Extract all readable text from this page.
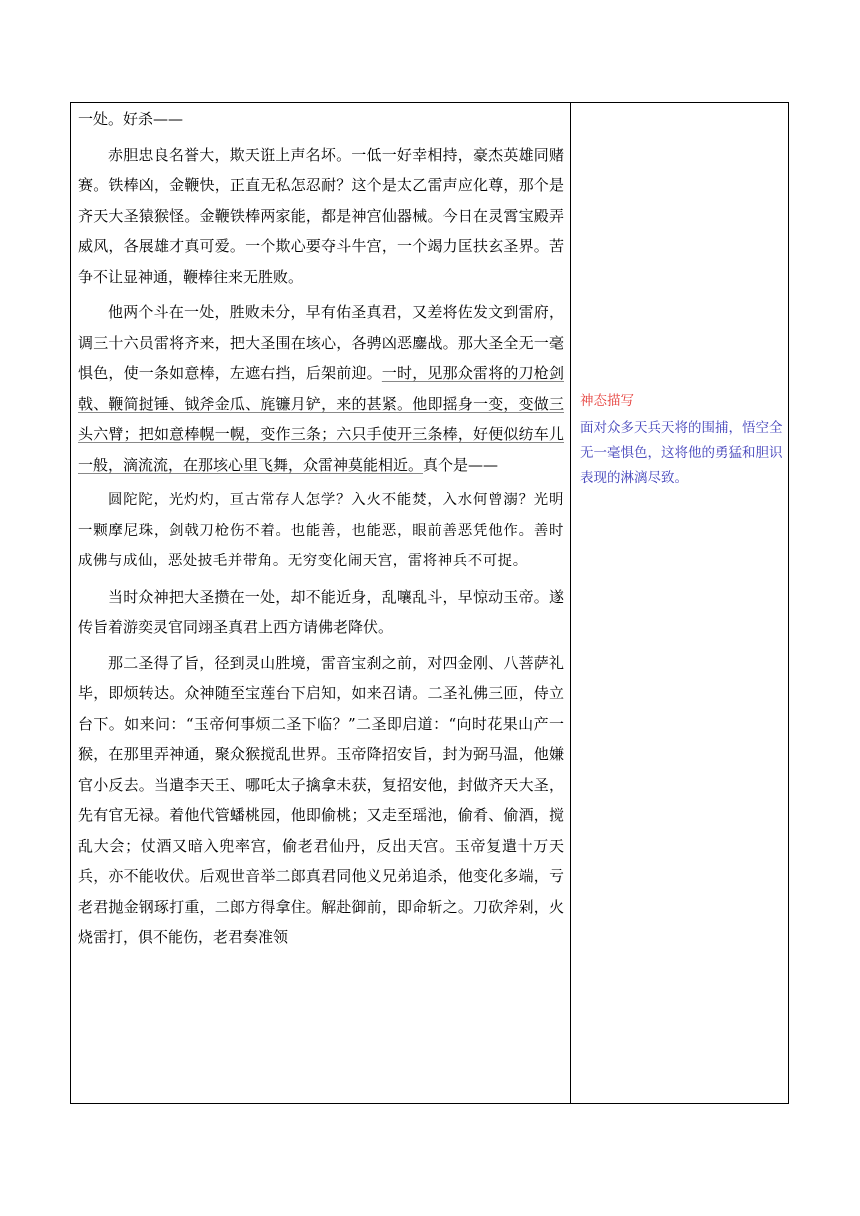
一处。好杀——

赤胆忠良名誉大，欺天诳上声名坏。一低一好幸相持，豪杰英雄同赌赛。铁棒凶，金鞭快，正直无私怎忍耐？这个是太乙雷声应化尊，那个是齐天大圣猿猴怪。金鞭铁棒两家能，都是神宫仙器械。今日在灵霄宝殿弄威风，各展雄才真可爱。一个欺心要夺斗牛宫，一个竭力匡扶玄圣界。苦争不让显神通，鞭棒往来无胜败。

他两个斗在一处，胜败未分，早有佑圣真君，又差将佐发文到雷府，调三十六员雷将齐来，把大圣围在垓心，各骋凶恶鏖战。那大圣全无一毫惧色，使一条如意棒，左遮右挡，后架前迎。一时，见那众雷将的刀枪剑戟、鞭简挝锤、钺斧金瓜、旄镰月铲，来的甚紧。他即摇身一变，变做三头六臂；把如意棒幌一幌，变作三条；六只手使开三条棒，好便似纺车儿一般，滴流流，在那垓心里飞舞，众雷神莫能相近。真个是——

圆陀陀，光灼灼，亘古常存人怎学？入火不能焚，入水何曾溺？光明一颗摩尼珠，剑戟刀枪伤不着。也能善，也能恶，眼前善恶凭他作。善时成佛与成仙，恶处披毛并带角。无穷变化闹天宫，雷将神兵不可捉。

当时众神把大圣攒在一处，却不能近身，乱嚷乱斗，早惊动玉帝。遂传旨着游奕灵官同翊圣真君上西方请佛老降伏。

那二圣得了旨，径到灵山胜境，雷音宝刹之前，对四金刚、八菩萨礼毕，即烦转达。众神随至宝莲台下启知，如来召请。二圣礼佛三匝，侍立台下。如来问：“玉帝何事烦二圣下临？”二圣即启道：“向时花果山产一猴，在那里弄神通，聚众猴搅乱世界。玉帝降招安旨，封为弼马温，他嫌官小反去。当遣李天王、哪吒太子擒拿未获，复招安他，封做齐天大圣，先有官无禄。着他代管蟠桃园，他即偷桃；又走至瑶池，偷肴、偷酒，搅乱大会；仗酒又暗入兜率宫，偷老君仙丹，反出天宫。玉帝复遣十万天兵，亦不能收伏。后观世音举二郎真君同他义兄弟追杀，他变化多端，亏老君抛金钢琢打重，二郎方得拿住。解赴御前，即命斩之。刀砍斧剁，火烧雷打，俱不能伤，老君奏准领

神态描写
面对众多天兵天将的围捕，悟空全无一毫惧色，这将他的勇猛和胆识表现的淋漓尽致。
